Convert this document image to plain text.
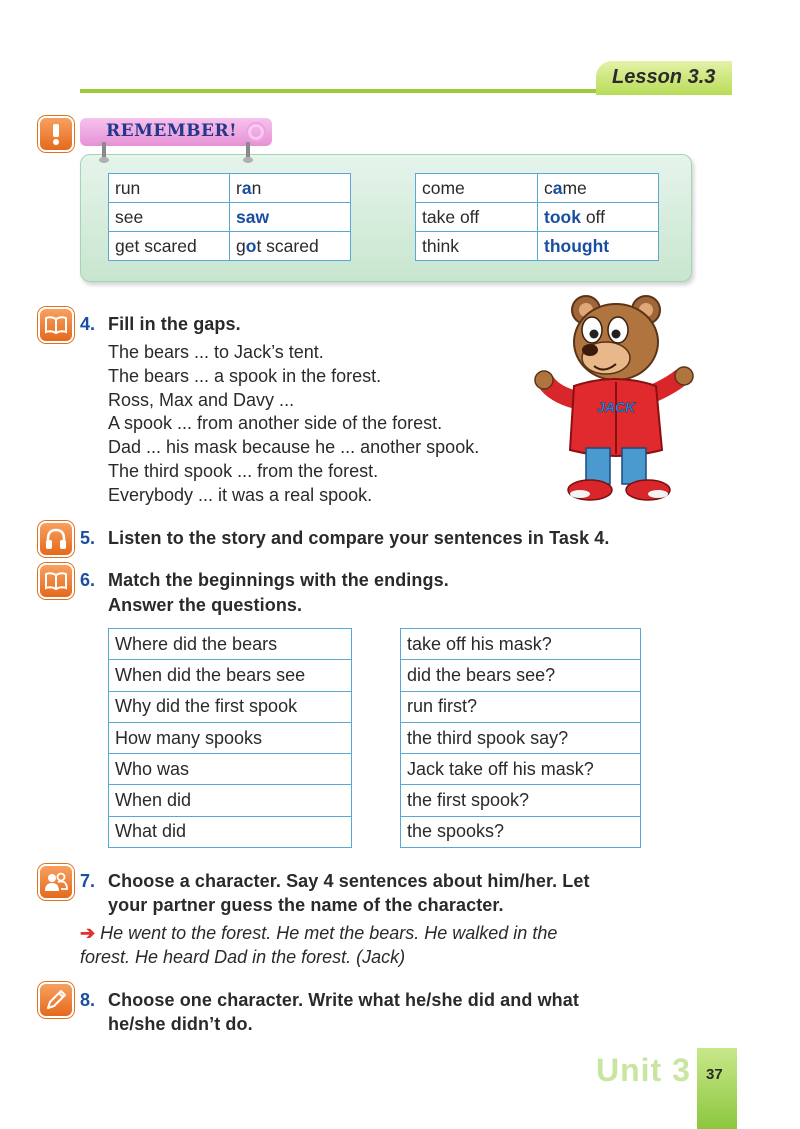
Lesson 3.3
REMEMBER!
run	ran
see	saw
get scared	got scared
come	came
take off	took off
think	thought
4. Fill in the gaps.
The bears ... to Jack’s tent.
The bears ... a spook in the forest.
Ross, Max and Davy ...
A spook ... from another side of the forest.
Dad ... his mask because he ... another spook.
The third spook ... from the forest.
Everybody ... it was a real spook.
JACK
5. Listen to the story and compare your sentences in Task 4.
6. Match the beginnings with the endings.
Answer the questions.
Where did the bears
When did the bears see
Why did the first spook
How many spooks
Who was
When did
What did
take off his mask?
did the bears see?
run first?
the third spook say?
Jack take off his mask?
the first spook?
the spooks?
7. Choose a character. Say 4 sentences about him/her. Let
your partner guess the name of the character.
➔ He went to the forest. He met the bears. He walked in the
forest. He heard Dad in the forest. (Jack)
8. Choose one character. Write what he/she did and what
he/she didn’t do.
Unit 3 37
